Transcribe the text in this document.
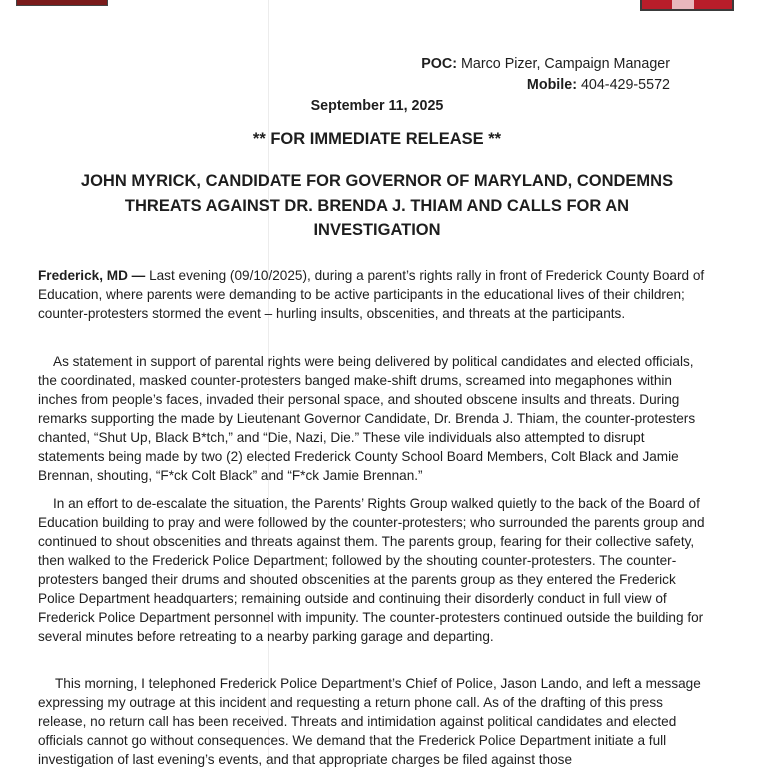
POC: Marco Pizer, Campaign Manager
Mobile: 404-429-5572
September 11, 2025
** FOR IMMEDIATE RELEASE **
JOHN MYRICK, CANDIDATE FOR GOVERNOR OF MARYLAND, CONDEMNS THREATS AGAINST DR. BRENDA J. THIAM AND CALLS FOR AN INVESTIGATION

Frederick, MD — Last evening (09/10/2025), during a parent’s rights rally in front of Frederick County Board of Education, where parents were demanding to be active participants in the educational lives of their children; counter-protesters stormed the event – hurling insults, obscenities, and threats at the participants.

As statement in support of parental rights were being delivered by political candidates and elected officials, the coordinated, masked counter-protesters banged make-shift drums, screamed into megaphones within inches from people’s faces, invaded their personal space, and shouted obscene insults and threats. During remarks supporting the made by Lieutenant Governor Candidate, Dr. Brenda J. Thiam, the counter-protesters chanted, “Shut Up, Black B*tch,” and “Die, Nazi, Die.” These vile individuals also attempted to disrupt statements being made by two (2) elected Frederick County School Board Members, Colt Black and Jamie Brennan, shouting, “F*ck Colt Black” and “F*ck Jamie Brennan.”

In an effort to de-escalate the situation, the Parents’ Rights Group walked quietly to the back of the Board of Education building to pray and were followed by the counter-protesters; who surrounded the parents group and continued to shout obscenities and threats against them. The parents group, fearing for their collective safety, then walked to the Frederick Police Department; followed by the shouting counter-protesters. The counter-protesters banged their drums and shouted obscenities at the parents group as they entered the Frederick Police Department headquarters; remaining outside and continuing their disorderly conduct in full view of Frederick Police Department personnel with impunity. The counter-protesters continued outside the building for several minutes before retreating to a nearby parking garage and departing.

This morning, I telephoned Frederick Police Department’s Chief of Police, Jason Lando, and left a message expressing my outrage at this incident and requesting a return phone call. As of the drafting of this press release, no return call has been received. Threats and intimidation against political candidates and elected officials cannot go without consequences. We demand that the Frederick Police Department initiate a full investigation of last evening’s events, and that appropriate charges be filed against those
